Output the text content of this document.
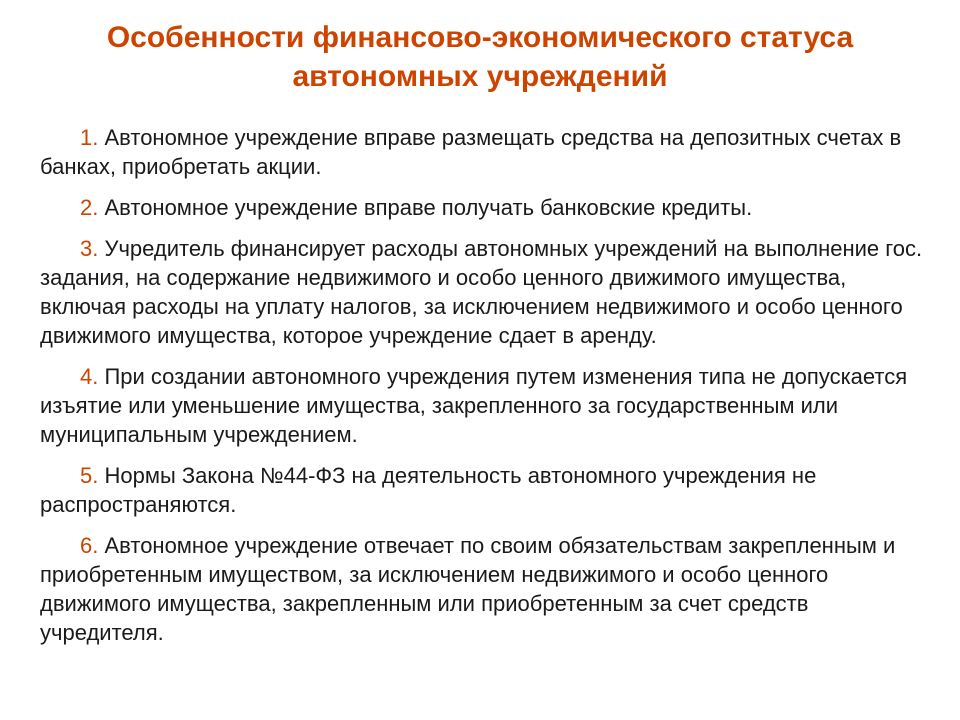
Особенности финансово-экономического статуса
автономных учреждений

1. Автономное учреждение вправе размещать средства на депозитных счетах в банках, приобретать акции.

2. Автономное учреждение вправе получать банковские кредиты.

3. Учредитель финансирует расходы автономных учреждений на выполнение гос. задания, на содержание недвижимого и особо ценного движимого имущества, включая расходы на уплату налогов, за исключением недвижимого и особо ценного движимого имущества, которое учреждение сдает в аренду.

4. При создании автономного учреждения путем изменения типа не допускается изъятие или уменьшение имущества, закрепленного за государственным или муниципальным учреждением.

5. Нормы Закона №44-ФЗ на деятельность автономного учреждения не распространяются.

6. Автономное учреждение отвечает по своим обязательствам закрепленным и приобретенным имуществом, за исключением недвижимого и особо ценного движимого имущества, закрепленным или приобретенным за счет средств учредителя.
